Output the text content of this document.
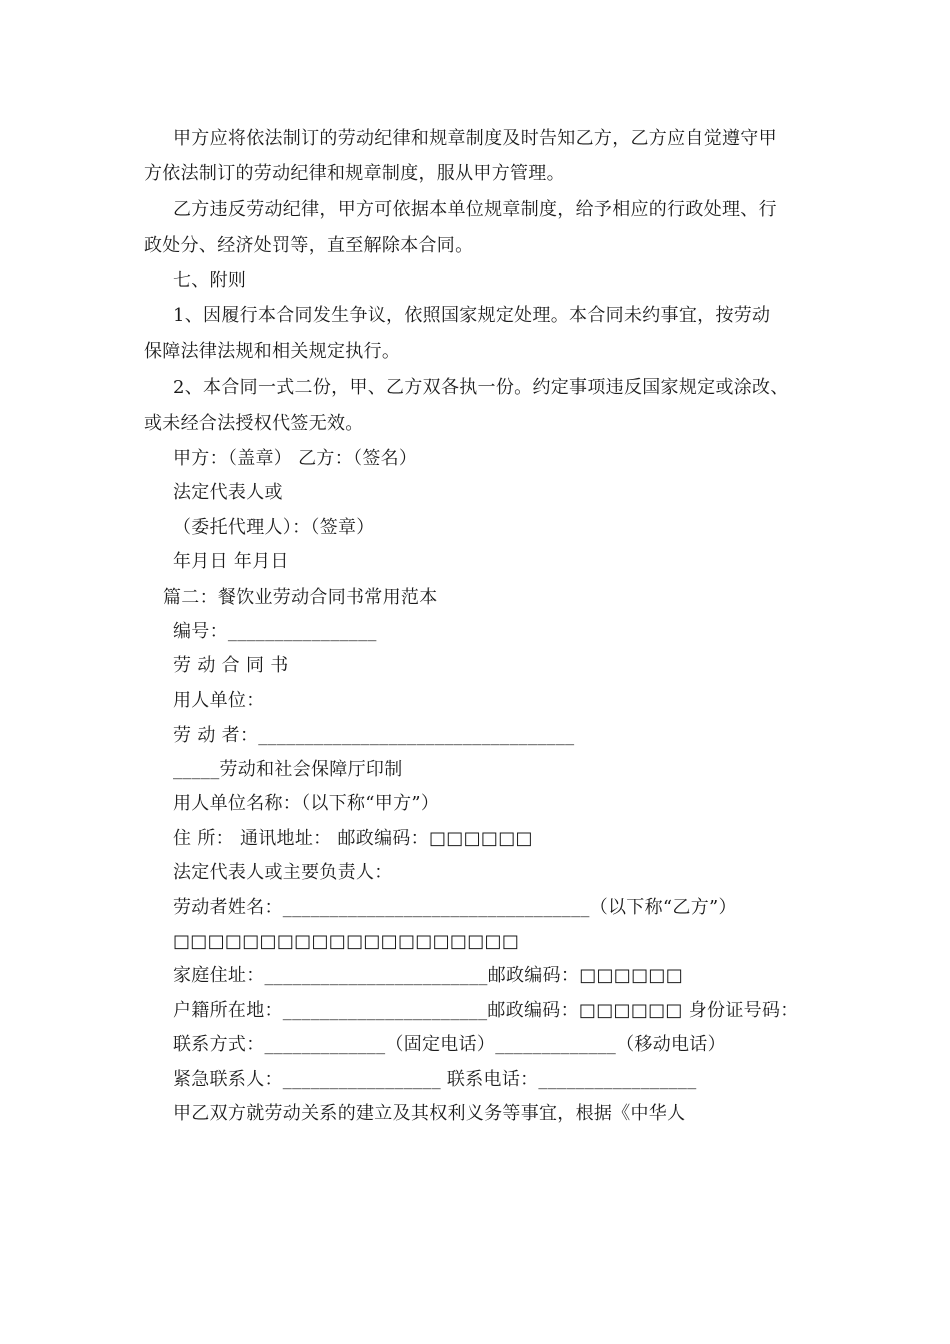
甲方应将依法制订的劳动纪律和规章制度及时告知乙方，乙方应自觉遵守甲
方依法制订的劳动纪律和规章制度，服从甲方管理。
乙方违反劳动纪律，甲方可依据本单位规章制度，给予相应的行政处理、行
政处分、经济处罚等，直至解除本合同。
七、附则
1、因履行本合同发生争议，依照国家规定处理。本合同未约事宜，按劳动
保障法律法规和相关规定执行。
2、本合同一式二份，甲、乙方双各执一份。约定事项违反国家规定或涂改、
或未经合法授权代签无效。
甲方：（盖章） 乙方：（签名）
法定代表人或
（委托代理人）：（签章）
年月日 年月日
篇二：餐饮业劳动合同书常用范本
编号：________________
劳 动 合 同 书
用人单位：
劳 动 者：__________________________________
_____劳动和社会保障厅印制
用人单位名称：（以下称“甲方”）
住 所： 通讯地址： 邮政编码：□□□□□□
法定代表人或主要负责人：
劳动者姓名：_________________________________（以下称“乙方”）
□□□□□□□□□□□□□□□□□□□□
家庭住址：________________________邮政编码：□□□□□□
户籍所在地：______________________邮政编码：□□□□□□ 身份证号码：
联系方式：_____________（固定电话）_____________（移动电话）
紧急联系人：_________________ 联系电话：_________________
甲乙双方就劳动关系的建立及其权利义务等事宜，根据《中华人
